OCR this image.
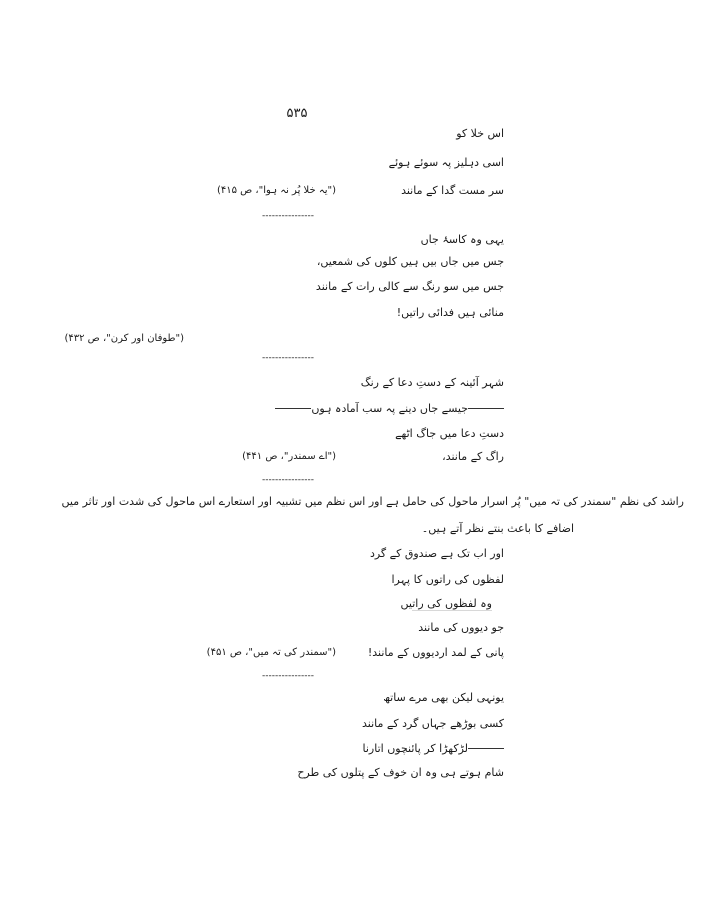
۵۳۵
اس خلا کو
اسی دہلیز پہ سوئے ہوئے
سر مست گدا کے مانند
("یہ خلا پُر نہ ہوا"، ص ۴۱۵)
----------------
یہی وہ کاسۂ جاں
جس میں جاں بیں ہیں کلوں کی شمعیں،
جس میں سو رنگ سے کالی رات کے مانند
منائی ہیں فدائی راتیں!
("طوفان اور کرن"، ص ۴۳۲)
----------------
شہر آئینہ کے دستِ دعا کے رنگ
جیسے جاں دینے پہ سب آمادہ ہوں
دستِ دعا میں جاگ اٹھے
راگ کے مانند،
("اے سمندر"، ص ۴۴۱)
----------------
راشد کی نظم "سمندر کی تہ میں" پُر اسرار ماحول کی حامل ہے اور اس نظم میں تشبیہ اور استعارے اس ماحول کی شدت اور تاثر میں
اضافے کا باعث بنتے نظر آتے ہیں۔
اور اب تک ہے صندوق کے گرد
لفظوں کی راتوں کا پہرا
وہ لفظوں کی راتیں
جو دیووں کی مانند
پانی کے لمد اردیووں کے مانند!
("سمندر کی تہ میں"، ص ۴۵۱)
----------------
یونہی لیکن بھی مرے ساتھ
کسی بوڑھے جہاں گرد کے مانند
لڑکھڑا کر پائنچوں اتارنا
شام ہوتے ہی وہ ان خوف کے پتلوں کی طرح
